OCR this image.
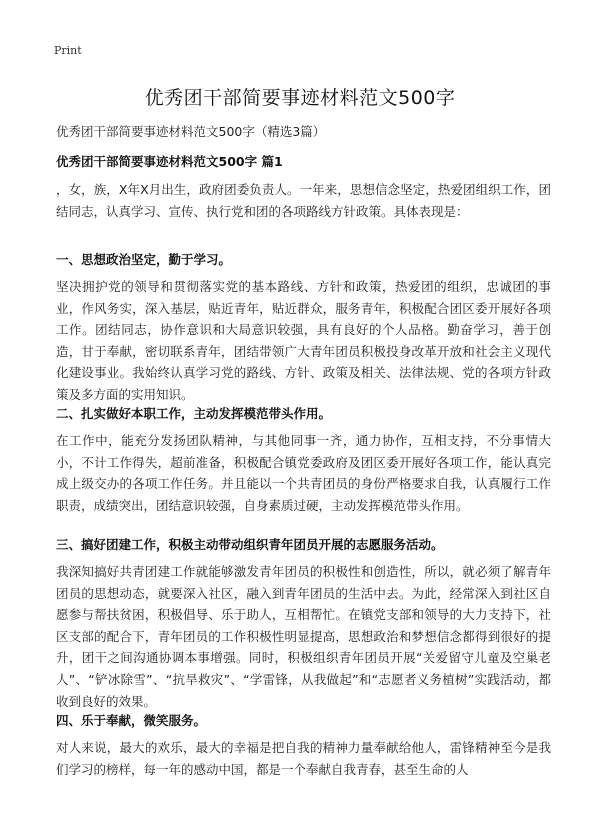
Print
优秀团干部简要事迹材料范文500字
优秀团干部简要事迹材料范文500字（精选3篇）
优秀团干部简要事迹材料范文500字 篇1

，女，族，X年X月出生，政府团委负责人。一年来，思想信念坚定，热爱团组织工作，团结同志，认真学习、宣传、执行党和团的各项路线方针政策。具体表现是：

一、思想政治坚定，勤于学习。

坚决拥护党的领导和贯彻落实党的基本路线、方针和政策，热爱团的组织，忠诚团的事业，作风务实，深入基层，贴近青年，贴近群众，服务青年，积极配合团区委开展好各项工作。团结同志，协作意识和大局意识较强，具有良好的个人品格。勤奋学习，善于创造，甘于奉献，密切联系青年，团结带领广大青年团员积极投身改革开放和社会主义现代化建设事业。我始终认真学习党的路线、方针、政策及相关、法律法规、党的各项方针政策及多方面的实用知识。

二、扎实做好本职工作，主动发挥模范带头作用。

在工作中，能充分发扬团队精神，与其他同事一齐，通力协作，互相支持，不分事情大小，不计工作得失，超前准备，积极配合镇党委政府及团区委开展好各项工作，能认真完成上级交办的各项工作任务。并且能以一个共青团员的身份严格要求自我，认真履行工作职责，成绩突出，团结意识较强，自身素质过硬，主动发挥模范带头作用。

三、搞好团建工作，积极主动带动组织青年团员开展的志愿服务活动。

我深知搞好共青团建工作就能够激发青年团员的积极性和创造性，所以，就必须了解青年团员的思想动态，就要深入社区，融入到青年团员的生活中去。为此，经常深入到社区自愿参与帮扶贫困，积极倡导、乐于助人，互相帮忙。在镇党支部和领导的大力支持下，社区支部的配合下，青年团员的工作积极性明显提高，思想政治和梦想信念都得到很好的提升，团干之间沟通协调本事增强。同时，积极组织青年团员开展“关爱留守儿童及空巢老人”、“铲冰除雪”、“抗旱救灾”、“学雷锋，从我做起”和“志愿者义务植树”实践活动，都收到良好的效果。

四、乐于奉献，微笑服务。

对人来说，最大的欢乐，最大的幸福是把自我的精神力量奉献给他人，雷锋精神至今是我们学习的榜样，每一年的感动中国，都是一个奉献自我青春，甚至生命的人
